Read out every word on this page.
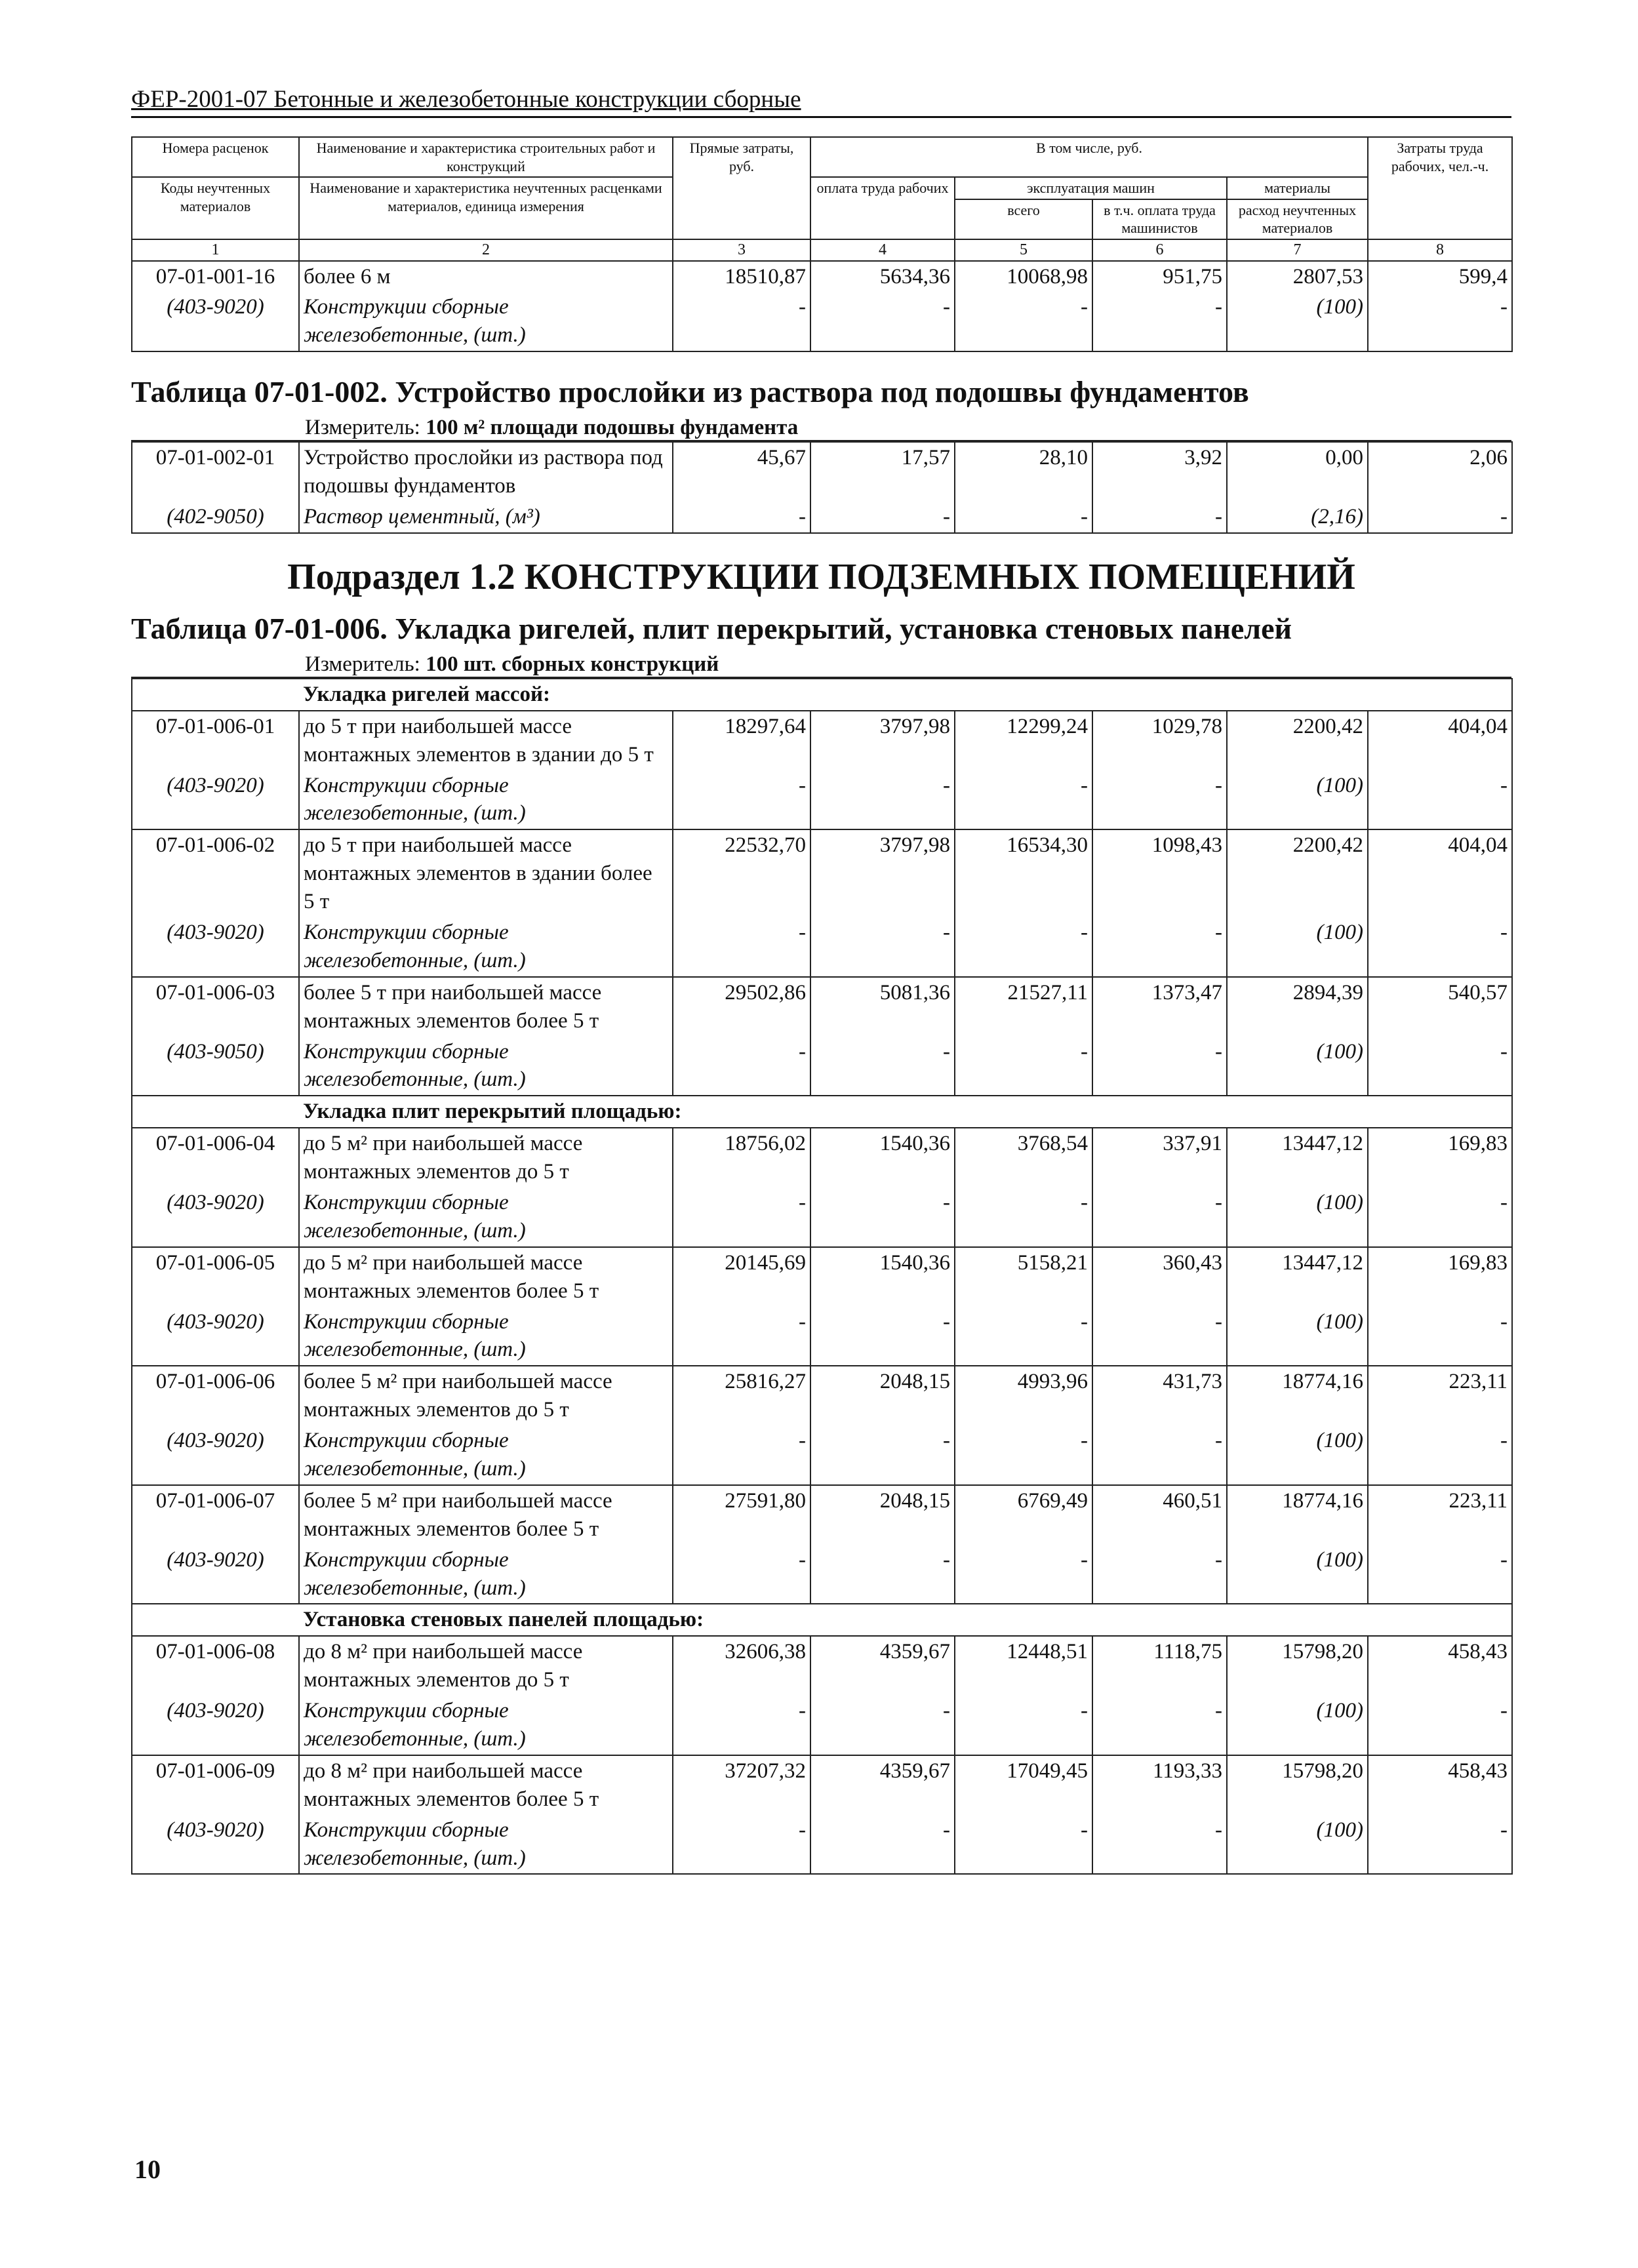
ФЕР-2001-07 Бетонные и железобетонные конструкции сборные
Номера расценок	Наименование и характеристика строительных работ и конструкций	Прямые затраты, руб.	В том числе, руб.				Затраты труда рабочих, чел.-ч.
Коды неучтенных материалов	Наименование и характеристика неучтенных расценками материалов, единица измерения		оплата труда рабочих	эксплуатация машин		материалы	
				всего	в т.ч. оплата труда машинистов	расход неучтенных материалов	
1	2	3	4	5	6	7	8
07-01-001-16	более 6 м	18510,87	5634,36	10068,98	951,75	2807,53	599,4
(403-9020)	Конструкции сборные железобетонные, (шт.)	-	-	-	-	(100)	-
Таблица 07-01-002. Устройство прослойки из раствора под подошвы фундаментов
Измеритель: 100 м² площади подошвы фундамента
07-01-002-01	Устройство прослойки из раствора под подошвы фундаментов	45,67	17,57	28,10	3,92	0,00	2,06
(402-9050)	Раствор цементный, (м³)	-	-	-	-	(2,16)	-
Подраздел 1.2 КОНСТРУКЦИИ ПОДЗЕМНЫХ ПОМЕЩЕНИЙ
Таблица 07-01-006. Укладка ригелей, плит перекрытий, установка стеновых панелей
Измеритель: 100 шт. сборных конструкций
	Укладка ригелей массой:						
07-01-006-01	до 5 т при наибольшей массе монтажных элементов в здании до 5 т	18297,64	3797,98	12299,24	1029,78	2200,42	404,04
(403-9020)	Конструкции сборные железобетонные, (шт.)	-	-	-	-	(100)	-
07-01-006-02	до 5 т при наибольшей массе монтажных элементов в здании более 5 т	22532,70	3797,98	16534,30	1098,43	2200,42	404,04
(403-9020)	Конструкции сборные железобетонные, (шт.)	-	-	-	-	(100)	-
07-01-006-03	более 5 т при наибольшей массе монтажных элементов более 5 т	29502,86	5081,36	21527,11	1373,47	2894,39	540,57
(403-9050)	Конструкции сборные железобетонные, (шт.)	-	-	-	-	(100)	-
	Укладка плит перекрытий площадью:						
07-01-006-04	до 5 м² при наибольшей массе монтажных элементов до 5 т	18756,02	1540,36	3768,54	337,91	13447,12	169,83
(403-9020)	Конструкции сборные железобетонные, (шт.)	-	-	-	-	(100)	-
07-01-006-05	до 5 м² при наибольшей массе монтажных элементов более 5 т	20145,69	1540,36	5158,21	360,43	13447,12	169,83
(403-9020)	Конструкции сборные железобетонные, (шт.)	-	-	-	-	(100)	-
07-01-006-06	более 5 м² при наибольшей массе монтажных элементов до 5 т	25816,27	2048,15	4993,96	431,73	18774,16	223,11
(403-9020)	Конструкции сборные железобетонные, (шт.)	-	-	-	-	(100)	-
07-01-006-07	более 5 м² при наибольшей массе монтажных элементов более 5 т	27591,80	2048,15	6769,49	460,51	18774,16	223,11
(403-9020)	Конструкции сборные железобетонные, (шт.)	-	-	-	-	(100)	-
	Установка стеновых панелей площадью:						
07-01-006-08	до 8 м² при наибольшей массе монтажных элементов до 5 т	32606,38	4359,67	12448,51	1118,75	15798,20	458,43
(403-9020)	Конструкции сборные железобетонные, (шт.)	-	-	-	-	(100)	-
07-01-006-09	до 8 м² при наибольшей массе монтажных элементов более 5 т	37207,32	4359,67	17049,45	1193,33	15798,20	458,43
(403-9020)	Конструкции сборные железобетонные, (шт.)	-	-	-	-	(100)	-
10
